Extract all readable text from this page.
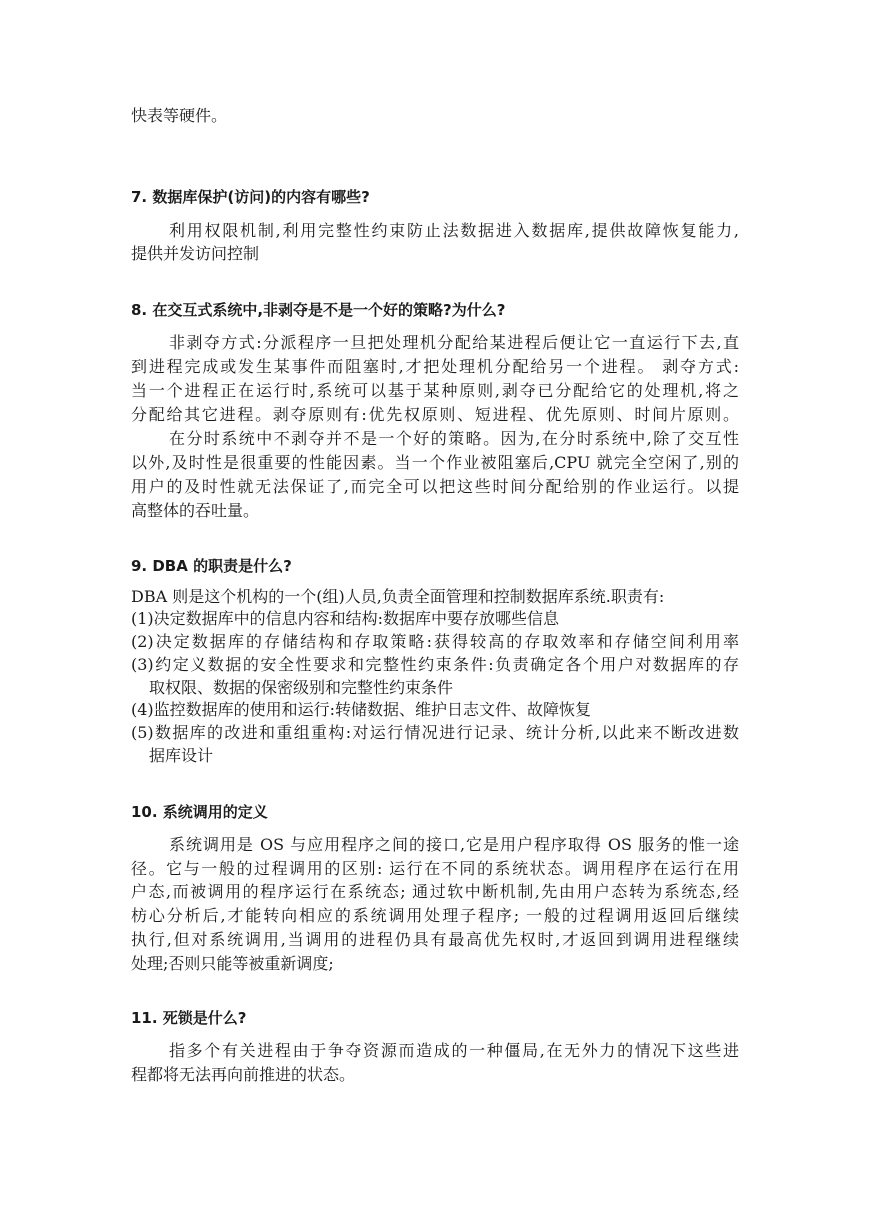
快表等硬件。
7. 数据库保护(访问)的内容有哪些?
利用权限机制,利用完整性约束防止法数据进入数据库,提供故障恢复能力,
提供并发访问控制
8. 在交互式系统中,非剥夺是不是一个好的策略?为什么?
非剥夺方式:分派程序一旦把处理机分配给某进程后便让它一直运行下去,直
到进程完成或发生某事件而阻塞时,才把处理机分配给另一个进程。 剥夺方式:
当一个进程正在运行时,系统可以基于某种原则,剥夺已分配给它的处理机,将之
分配给其它进程。剥夺原则有:优先权原则、短进程、优先原则、时间片原则。
在分时系统中不剥夺并不是一个好的策略。因为,在分时系统中,除了交互性
以外,及时性是很重要的性能因素。当一个作业被阻塞后,CPU 就完全空闲了,别的
用户的及时性就无法保证了,而完全可以把这些时间分配给别的作业运行。以提
高整体的吞吐量。
9. DBA 的职责是什么?
DBA 则是这个机构的一个(组)人员,负责全面管理和控制数据库系统.职责有:
(1)决定数据库中的信息内容和结构:数据库中要存放哪些信息
(2)决定数据库的存储结构和存取策略:获得较高的存取效率和存储空间利用率
(3)约定义数据的安全性要求和完整性约束条件:负责确定各个用户对数据库的存
取权限、数据的保密级别和完整性约束条件
(4)监控数据库的使用和运行:转储数据、维护日志文件、故障恢复
(5)数据库的改进和重组重构:对运行情况进行记录、统计分析,以此来不断改进数
据库设计
10. 系统调用的定义
系统调用是 OS 与应用程序之间的接口,它是用户程序取得 OS 服务的惟一途
径。它与一般的过程调用的区别: 运行在不同的系统状态。调用程序在运行在用
户态,而被调用的程序运行在系统态; 通过软中断机制,先由用户态转为系统态,经
枋心分析后,才能转向相应的系统调用处理子程序; 一般的过程调用返回后继续
执行,但对系统调用,当调用的进程仍具有最高优先权时,才返回到调用进程继续
处理;否则只能等被重新调度;
11. 死锁是什么?
指多个有关进程由于争夺资源而造成的一种僵局,在无外力的情况下这些进
程都将无法再向前推进的状态。
